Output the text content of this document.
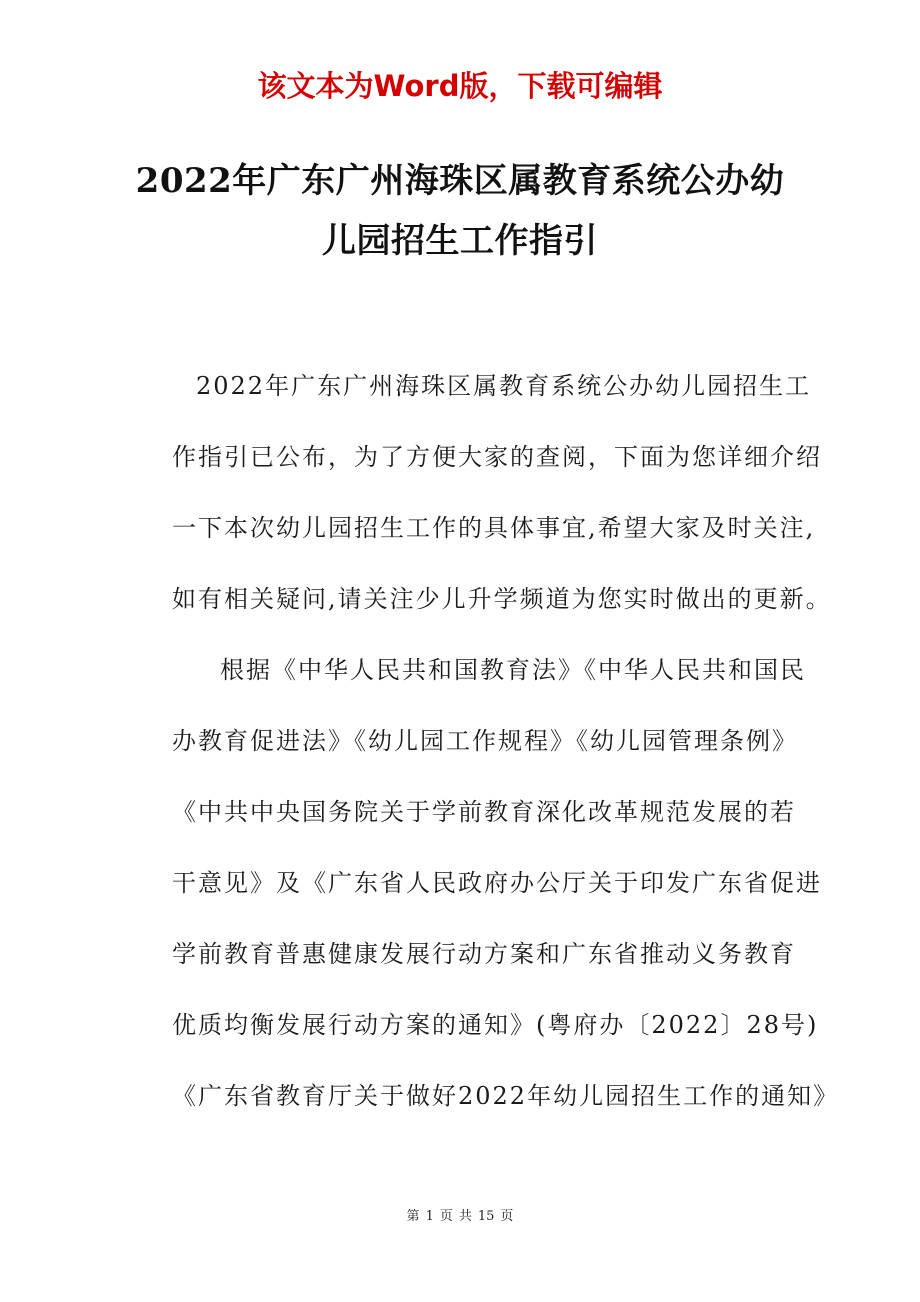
该文本为Word版，下载可编辑
2022年广东广州海珠区属教育系统公办幼
儿园招生工作指引
2022年广东广州海珠区属教育系统公办幼儿园招生工
作指引已公布，为了方便大家的查阅，下面为您详细介绍
一下本次幼儿园招生工作的具体事宜,希望大家及时关注,
如有相关疑问,请关注少儿升学频道为您实时做出的更新。
根据《中华人民共和国教育法》《中华人民共和国民
办教育促进法》《幼儿园工作规程》《幼儿园管理条例》
《中共中央国务院关于学前教育深化改革规范发展的若
干意见》及《广东省人民政府办公厅关于印发广东省促进
学前教育普惠健康发展行动方案和广东省推动义务教育
优质均衡发展行动方案的通知》(粤府办〔2022〕28号)
《广东省教育厅关于做好2022年幼儿园招生工作的通知》
第 1 页 共 15 页
